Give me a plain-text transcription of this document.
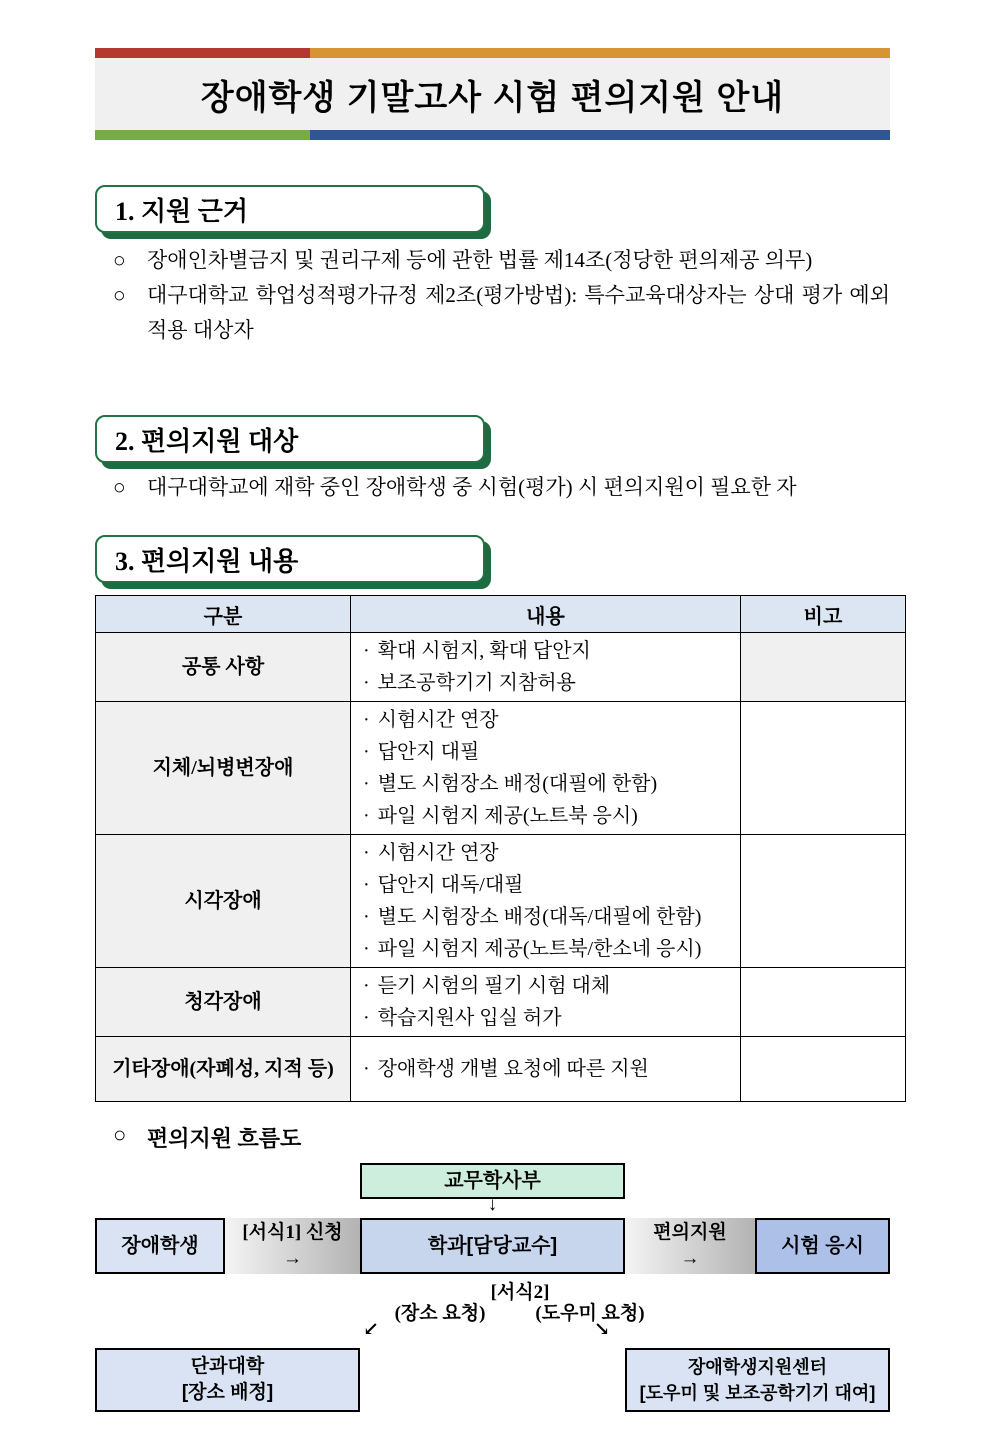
장애학생 기말고사 시험 편의지원 안내
1. 지원 근거

○ 장애인차별금지 및 권리구제 등에 관한 법률 제14조(정당한 편의제공 의무)

○ 대구대학교 학업성적평가규정 제2조(평가방법): 특수교육대상자는 상대 평가 예외 적용 대상자

2. 편의지원 대상

○ 대구대학교에 재학 중인 장애학생 중 시험(평가) 시 편의지원이 필요한 자

3. 편의지원 내용
구분	내용	비고
공통 사항	· 확대 시험지, 확대 답안지
· 보조공학기기 지참허용	

지체/뇌병변장애	· 시험시간 연장
· 답안지 대필
· 별도 시험장소 배정(대필에 한함)
· 파일 시험지 제공(노트북 응시)	

시각장애	· 시험시간 연장
· 답안지 대독/대필
· 별도 시험장소 배정(대독/대필에 한함)
· 파일 시험지 제공(노트북/한소네 응시)	

청각장애	· 듣기 시험의 필기 시험 대체
· 학습지원사 입실 허가	

기타장애(자폐성, 지적 등)	· 장애학생 개별 요청에 따른 지원	

○ 편의지원 흐름도
교무학사부
↓
장애학생
[서식1] 신청
→
학과[담당교수]
편의지원
→
시험 응시
[서식2]
(장소 요청)	(도우미 요청)
↙	↘
단과대학
[장소 배정]
장애학생지원센터
[도우미 및 보조공학기기 대여]
